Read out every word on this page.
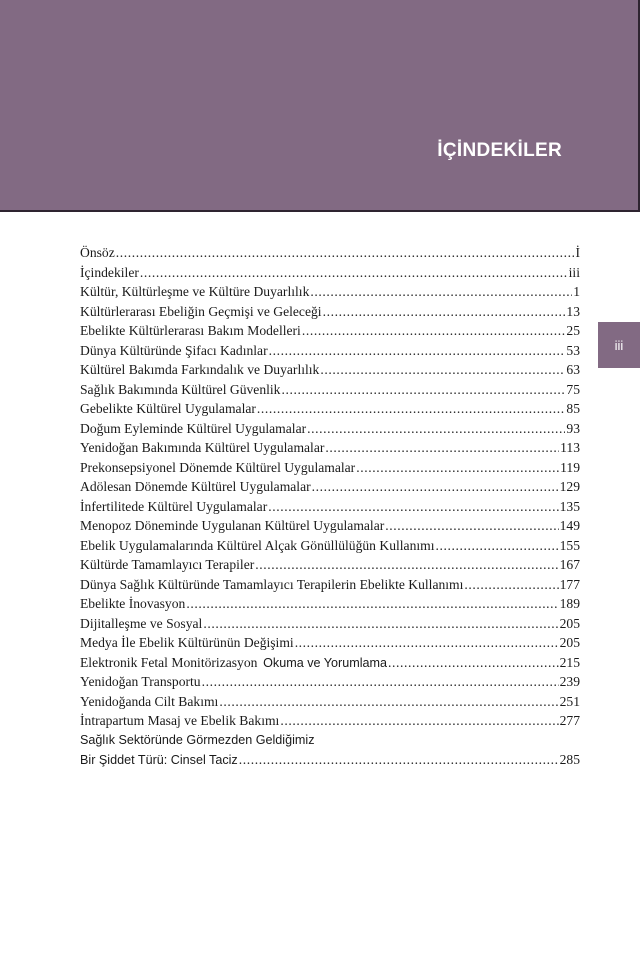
İÇİNDEKİLER
iii
Önsöz .....	İ
İçindekiler .....	iii
Kültür, Kültürleşme ve Kültüre Duyarlılık .....	1
Kültürlerarası Ebeliğin Geçmişi ve Geleceği .....	13
Ebelikte Kültürlerarası Bakım Modelleri .....	25
Dünya Kültüründe Şifacı Kadınlar .....	53
Kültürel Bakımda Farkındalık ve Duyarlılık .....	63
Sağlık Bakımında Kültürel Güvenlik .....	75
Gebelikte Kültürel Uygulamalar .....	85
Doğum Eyleminde Kültürel Uygulamalar .....	93
Yenidoğan Bakımında Kültürel Uygulamalar .....	113
Prekonsepsiyonel Dönemde Kültürel Uygulamalar .....	119
Adölesan Dönemde Kültürel Uygulamalar .....	129
İnfertilitede Kültürel Uygulamalar .....	135
Menopoz Döneminde Uygulanan Kültürel Uygulamalar .....	149
Ebelik Uygulamalarında Kültürel Alçak Gönüllülüğün Kullanımı .....	155
Kültürde Tamamlayıcı Terapiler .....	167
Dünya Sağlık Kültüründe Tamamlayıcı Terapilerin Ebelikte Kullanımı .....	177
Ebelikte İnovasyon .....	189
Dijitalleşme ve Sosyal .....	205
Medya İle Ebelik Kültürünün Değişimi .....	205
Elektronik Fetal Monitörizasyon Okuma ve Yorumlama .....	215
Yenidoğan Transportu .....	239
Yenidoğanda Cilt Bakımı .....	251
İntrapartum Masaj ve Ebelik Bakımı .....	277
Sağlık Sektöründe Görmezden Geldiğimiz
Bir Şiddet Türü: Cinsel Taciz .....	285
